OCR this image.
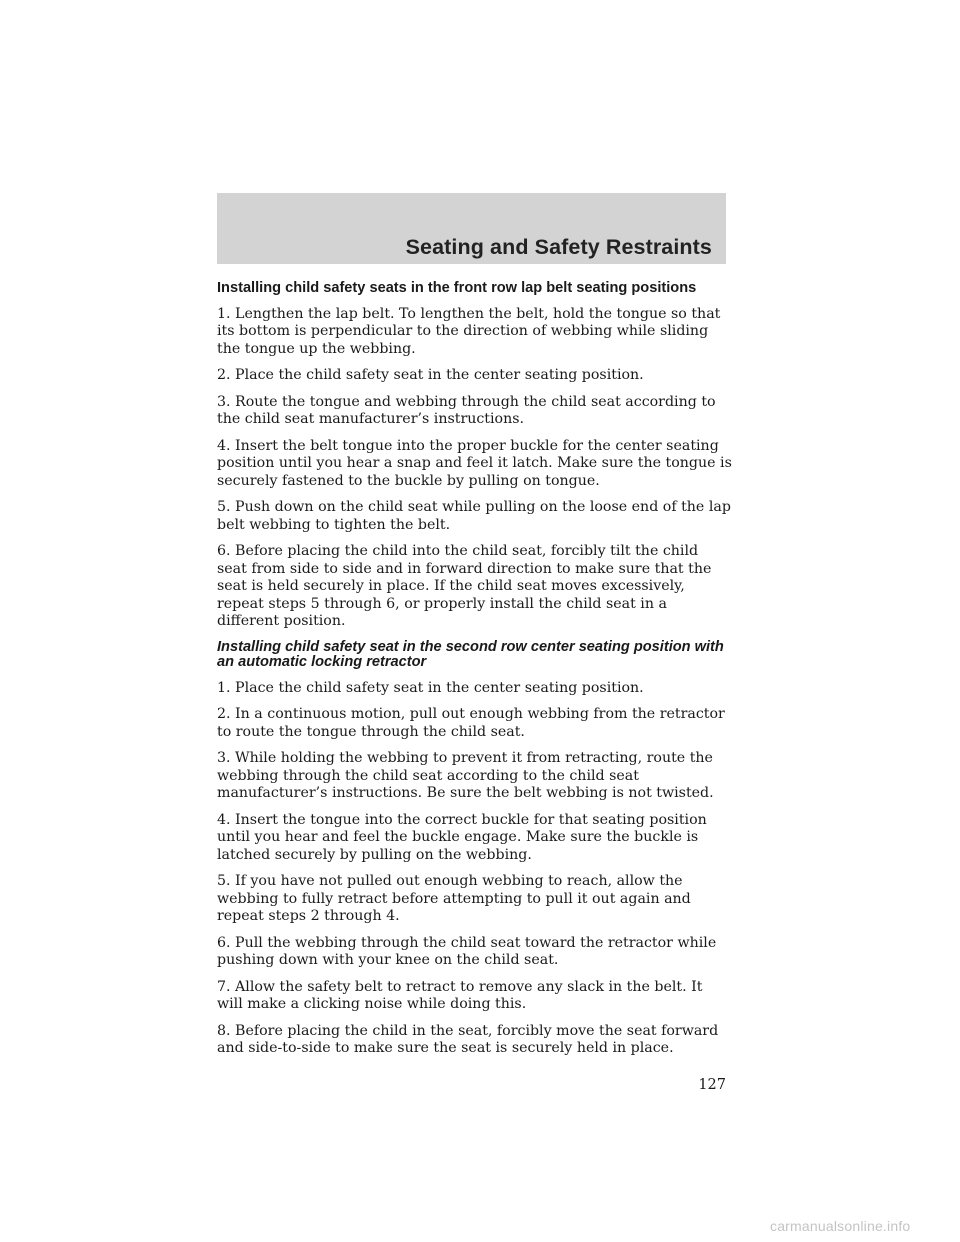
Seating and Safety Restraints
Installing child safety seats in the front row lap belt seating positions

1. Lengthen the lap belt. To lengthen the belt, hold the tongue so that its bottom is perpendicular to the direction of webbing while sliding the tongue up the webbing.

2. Place the child safety seat in the center seating position.

3. Route the tongue and webbing through the child seat according to the child seat manufacturer’s instructions.

4. Insert the belt tongue into the proper buckle for the center seating position until you hear a snap and feel it latch. Make sure the tongue is securely fastened to the buckle by pulling on tongue.

5. Push down on the child seat while pulling on the loose end of the lap belt webbing to tighten the belt.

6. Before placing the child into the child seat, forcibly tilt the child seat from side to side and in forward direction to make sure that the seat is held securely in place. If the child seat moves excessively, repeat steps 5 through 6, or properly install the child seat in a different position.

Installing child safety seat in the second row center seating position with an automatic locking retractor

1. Place the child safety seat in the center seating position.

2. In a continuous motion, pull out enough webbing from the retractor to route the tongue through the child seat.

3. While holding the webbing to prevent it from retracting, route the webbing through the child seat according to the child seat manufacturer’s instructions. Be sure the belt webbing is not twisted.

4. Insert the tongue into the correct buckle for that seating position until you hear and feel the buckle engage. Make sure the buckle is latched securely by pulling on the webbing.

5. If you have not pulled out enough webbing to reach, allow the webbing to fully retract before attempting to pull it out again and repeat steps 2 through 4.

6. Pull the webbing through the child seat toward the retractor while pushing down with your knee on the child seat.

7. Allow the safety belt to retract to remove any slack in the belt. It will make a clicking noise while doing this.

8. Before placing the child in the seat, forcibly move the seat forward and side-to-side to make sure the seat is securely held in place.

127
carmanualsonline.info
